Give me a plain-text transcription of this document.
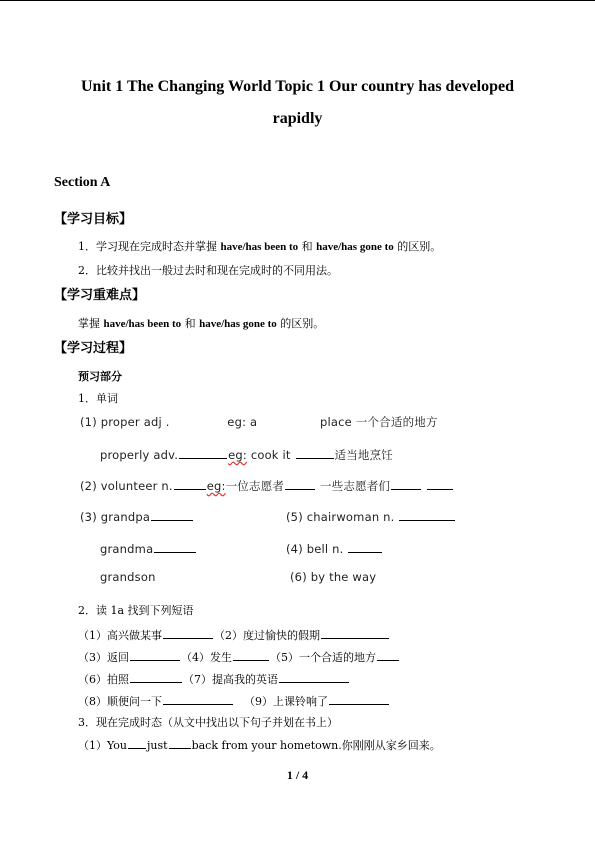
Unit 1 The Changing World Topic 1 Our country has developed
rapidly
Section A
【学习目标】
1．学习现在完成时态并掌握 have/has been to 和 have/has gone to 的区别。
2．比较并找出一般过去时和现在完成时的不同用法。
【学习重难点】
掌握 have/has been to 和 have/has gone to 的区别。
【学习过程】
预习部分
1．单词
(1) proper adj .	eg: a	place 一个合适的地方
properly adv.	eg: cook it	适当地烹饪
(2) volunteer n.	eg:一位志愿者	一些志愿者们
(3) grandpa	(5) chairwoman n.
grandma	(4) bell n.
grandson	(6) by the way
2．读 1a 找到下列短语
（1）高兴做某事	（2）度过愉快的假期
（3）返回	（4）发生	（5）一个合适的地方
（6）拍照	（7）提高我的英语
（8）顺便问一下	（9）上课铃响了
3．现在完成时态（从文中找出以下句子并划在书上）
（1）You just back from your hometown.你刚刚从家乡回来。
1 / 4
